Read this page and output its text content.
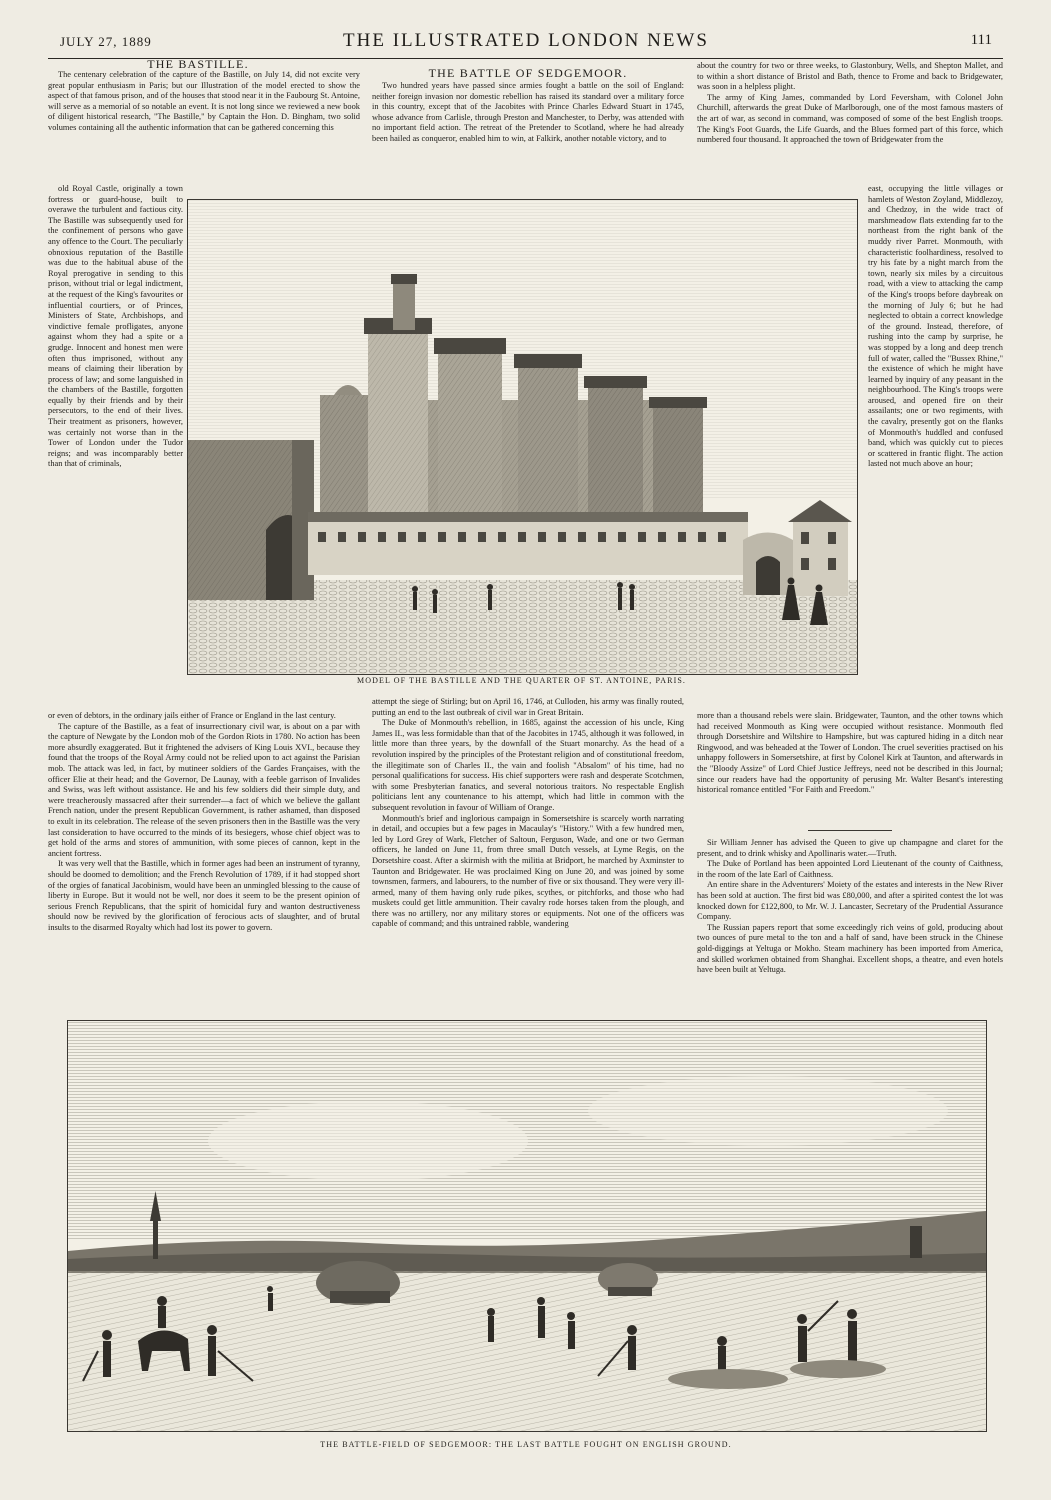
JULY 27, 1889	THE ILLUSTRATED LONDON NEWS	111
THE BASTILLE.

The centenary celebration of the capture of the Bastille, on July 14, did not excite very great popular enthusiasm in Paris; but our Illustration of the model erected to show the aspect of that famous prison, and of the houses that stood near it in the Faubourg St. Antoine, will serve as a memorial of so notable an event. It is not long since we reviewed a new book of diligent historical research, "The Bastille," by Captain the Hon. D. Bingham, two solid volumes containing all the authentic information that can be gathered concerning this

old Royal Castle, originally a town fortress or guard-house, built to overawe the turbulent and factious city. The Bastille was subsequently used for the confinement of persons who gave any offence to the Court. The peculiarly obnoxious reputation of the Bastille was due to the habitual abuse of the Royal prerogative in sending to this prison, without trial or legal indictment, at the request of the King's favourites or influential courtiers, or of Princes, Ministers of State, Archbishops, and vindictive female profligates, anyone against whom they had a spite or a grudge. Innocent and honest men were often thus imprisoned, without any means of claiming their liberation by process of law; and some languished in the chambers of the Bastille, forgotten equally by their friends and by their persecutors, to the end of their lives. Their treatment as prisoners, however, was certainly not worse than in the Tower of London under the Tudor reigns; and was incomparably better than that of criminals,

THE BATTLE OF SEDGEMOOR.

Two hundred years have passed since armies fought a battle on the soil of England: neither foreign invasion nor domestic rebellion has raised its standard over a military force in this country, except that of the Jacobites with Prince Charles Edward Stuart in 1745, whose advance from Carlisle, through Preston and Manchester, to Derby, was attended with no important field action. The retreat of the Pretender to Scotland, where he had already been hailed as conqueror, enabled him to win, at Falkirk, another notable victory, and to

about the country for two or three weeks, to Glastonbury, Wells, and Shepton Mallet, and to within a short distance of Bristol and Bath, thence to Frome and back to Bridgewater, was soon in a helpless plight.

The army of King James, commanded by Lord Feversham, with Colonel John Churchill, afterwards the great Duke of Marlborough, one of the most famous masters of the art of war, as second in command, was composed of some of the best English troops. The King's Foot Guards, the Life Guards, and the Blues formed part of this force, which numbered four thousand. It approached the town of Bridgewater from the

east, occupying the little villages or hamlets of Weston Zoyland, Middlezoy, and Chedzoy, in the wide tract of marshmeadow flats extending far to the northeast from the right bank of the muddy river Parret. Monmouth, with characteristic foolhardiness, resolved to try his fate by a night march from the town, nearly six miles by a circuitous road, with a view to attacking the camp of the King's troops before daybreak on the morning of July 6; but he had neglected to obtain a correct knowledge of the ground. Instead, therefore, of rushing into the camp by surprise, he was stopped by a long and deep trench full of water, called the "Bussex Rhine," the existence of which he might have learned by inquiry of any peasant in the neighbourhood. The King's troops were aroused, and opened fire on their assailants; one or two regiments, with the cavalry, presently got on the flanks of Monmouth's huddled and confused band, which was quickly cut to pieces or scattered in frantic flight. The action lasted not much above an hour;

MODEL OF THE BASTILLE AND THE QUARTER OF ST. ANTOINE, PARIS.

or even of debtors, in the ordinary jails either of France or England in the last century.

The capture of the Bastille, as a feat of insurrectionary civil war, is about on a par with the capture of Newgate by the London mob of the Gordon Riots in 1780. No action has been more absurdly exaggerated. But it frightened the advisers of King Louis XVI., because they found that the troops of the Royal Army could not be relied upon to act against the Parisian mob. The attack was led, in fact, by mutineer soldiers of the Gardes Françaises, with the officer Elie at their head; and the Governor, De Launay, with a feeble garrison of Invalides and Swiss, was left without assistance. He and his few soldiers did their simple duty, and were treacherously massacred after their surrender—a fact of which we believe the gallant French nation, under the present Republican Government, is rather ashamed, than disposed to exult in its celebration. The release of the seven prisoners then in the Bastille was the very last consideration to have occurred to the minds of its besiegers, whose chief object was to get hold of the arms and stores of ammunition, with some pieces of cannon, kept in the ancient fortress.

It was very well that the Bastille, which in former ages had been an instrument of tyranny, should be doomed to demolition; and the French Revolution of 1789, if it had stopped short of the orgies of fanatical Jacobinism, would have been an unmingled blessing to the cause of liberty in Europe. But it would not be well, nor does it seem to be the present opinion of serious French Republicans, that the spirit of homicidal fury and wanton destructiveness should now be revived by the glorification of ferocious acts of slaughter, and of brutal insults to the disarmed Royalty which had lost its power to govern.

attempt the siege of Stirling; but on April 16, 1746, at Culloden, his army was finally routed, putting an end to the last outbreak of civil war in Great Britain.

The Duke of Monmouth's rebellion, in 1685, against the accession of his uncle, King James II., was less formidable than that of the Jacobites in 1745, although it was followed, in little more than three years, by the downfall of the Stuart monarchy. As the head of a revolution inspired by the principles of the Protestant religion and of constitutional freedom, the illegitimate son of Charles II., the vain and foolish "Absalom" of his time, had no personal qualifications for success. His chief supporters were rash and desperate Scotchmen, with some Presbyterian fanatics, and several notorious traitors. No respectable English politicians lent any countenance to his attempt, which had little in common with the subsequent revolution in favour of William of Orange.

Monmouth's brief and inglorious campaign in Somersetshire is scarcely worth narrating in detail, and occupies but a few pages in Macaulay's "History." With a few hundred men, led by Lord Grey of Wark, Fletcher of Saltoun, Ferguson, Wade, and one or two German officers, he landed on June 11, from three small Dutch vessels, at Lyme Regis, on the Dorsetshire coast. After a skirmish with the militia at Bridport, he marched by Axminster to Taunton and Bridgewater. He was proclaimed King on June 20, and was joined by some townsmen, farmers, and labourers, to the number of five or six thousand. They were very ill-armed, many of them having only rude pikes, scythes, or pitchforks, and those who had muskets could get little ammunition. Their cavalry rode horses taken from the plough, and there was no artillery, nor any military stores or equipments. Not one of the officers was capable of command; and this untrained rabble, wandering

more than a thousand rebels were slain. Bridgewater, Taunton, and the other towns which had received Monmouth as King were occupied without resistance. Monmouth fled through Dorsetshire and Wiltshire to Hampshire, but was captured hiding in a ditch near Ringwood, and was beheaded at the Tower of London. The cruel severities practised on his unhappy followers in Somersetshire, at first by Colonel Kirk at Taunton, and afterwards in the "Bloody Assize" of Lord Chief Justice Jeffreys, need not be described in this Journal; since our readers have had the opportunity of perusing Mr. Walter Besant's interesting historical romance entitled "For Faith and Freedom."

Sir William Jenner has advised the Queen to give up champagne and claret for the present, and to drink whisky and Apollinaris water.—Truth.

The Duke of Portland has been appointed Lord Lieutenant of the county of Caithness, in the room of the late Earl of Caithness.

An entire share in the Adventurers' Moiety of the estates and interests in the New River has been sold at auction. The first bid was £80,000, and after a spirited contest the lot was knocked down for £122,800, to Mr. W. J. Lancaster, Secretary of the Prudential Assurance Company.

The Russian papers report that some exceedingly rich veins of gold, producing about two ounces of pure metal to the ton and a half of sand, have been struck in the Chinese gold-diggings at Yeltuga or Mokho. Steam machinery has been imported from America, and skilled workmen obtained from Shanghai. Excellent shops, a theatre, and even hotels have been built at Yeltuga.

THE BATTLE-FIELD OF SEDGEMOOR: THE LAST BATTLE FOUGHT ON ENGLISH GROUND.
